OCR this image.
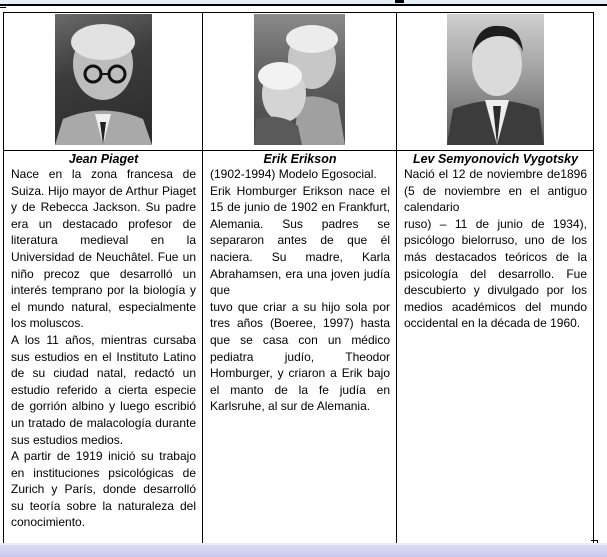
Jean Piaget

Nace en la zona francesa de Suiza. Hijo mayor de Arthur Piaget y de Rebecca Jackson. Su padre era un destacado profesor de literatura medieval en la Universidad de Neuchâtel. Fue un niño precoz que desarrolló un interés temprano por la biología y el mundo natural, especialmente los moluscos.

A los 11 años, mientras cursaba sus estudios en el Instituto Latino de su ciudad natal, redactó un estudio referido a cierta especie de gorrión albino y luego escribió un tratado de malacología durante sus estudios medios.

A partir de 1919 inició su trabajo en instituciones psicológicas de Zurich y París, donde desarrolló su teoría sobre la naturaleza del conocimiento.

Erik Erikson

(1902-1994) Modelo Egosocial.

Erik Homburger Erikson nace el 15 de junio de 1902 en Frankfurt, Alemania. Sus padres se separaron antes de que él naciera. Su madre, Karla Abrahamsen, era una joven judía que

tuvo que criar a su hijo sola por tres años (Boeree, 1997) hasta que se casa con un médico pediatra judío, Theodor Homburger, y criaron a Erik bajo el manto de la fe judía en Karlsruhe, al sur de Alemania.

Lev Semyonovich Vygotsky

Nació el 12 de noviembre de1896 (5 de noviembre en el antiguo calendario

ruso) – 11 de junio de 1934), psicólogo bielorruso, uno de los más destacados teóricos de la psicología del desarrollo. Fue descubierto y divulgado por los medios académicos del mundo occidental en la década de 1960.
